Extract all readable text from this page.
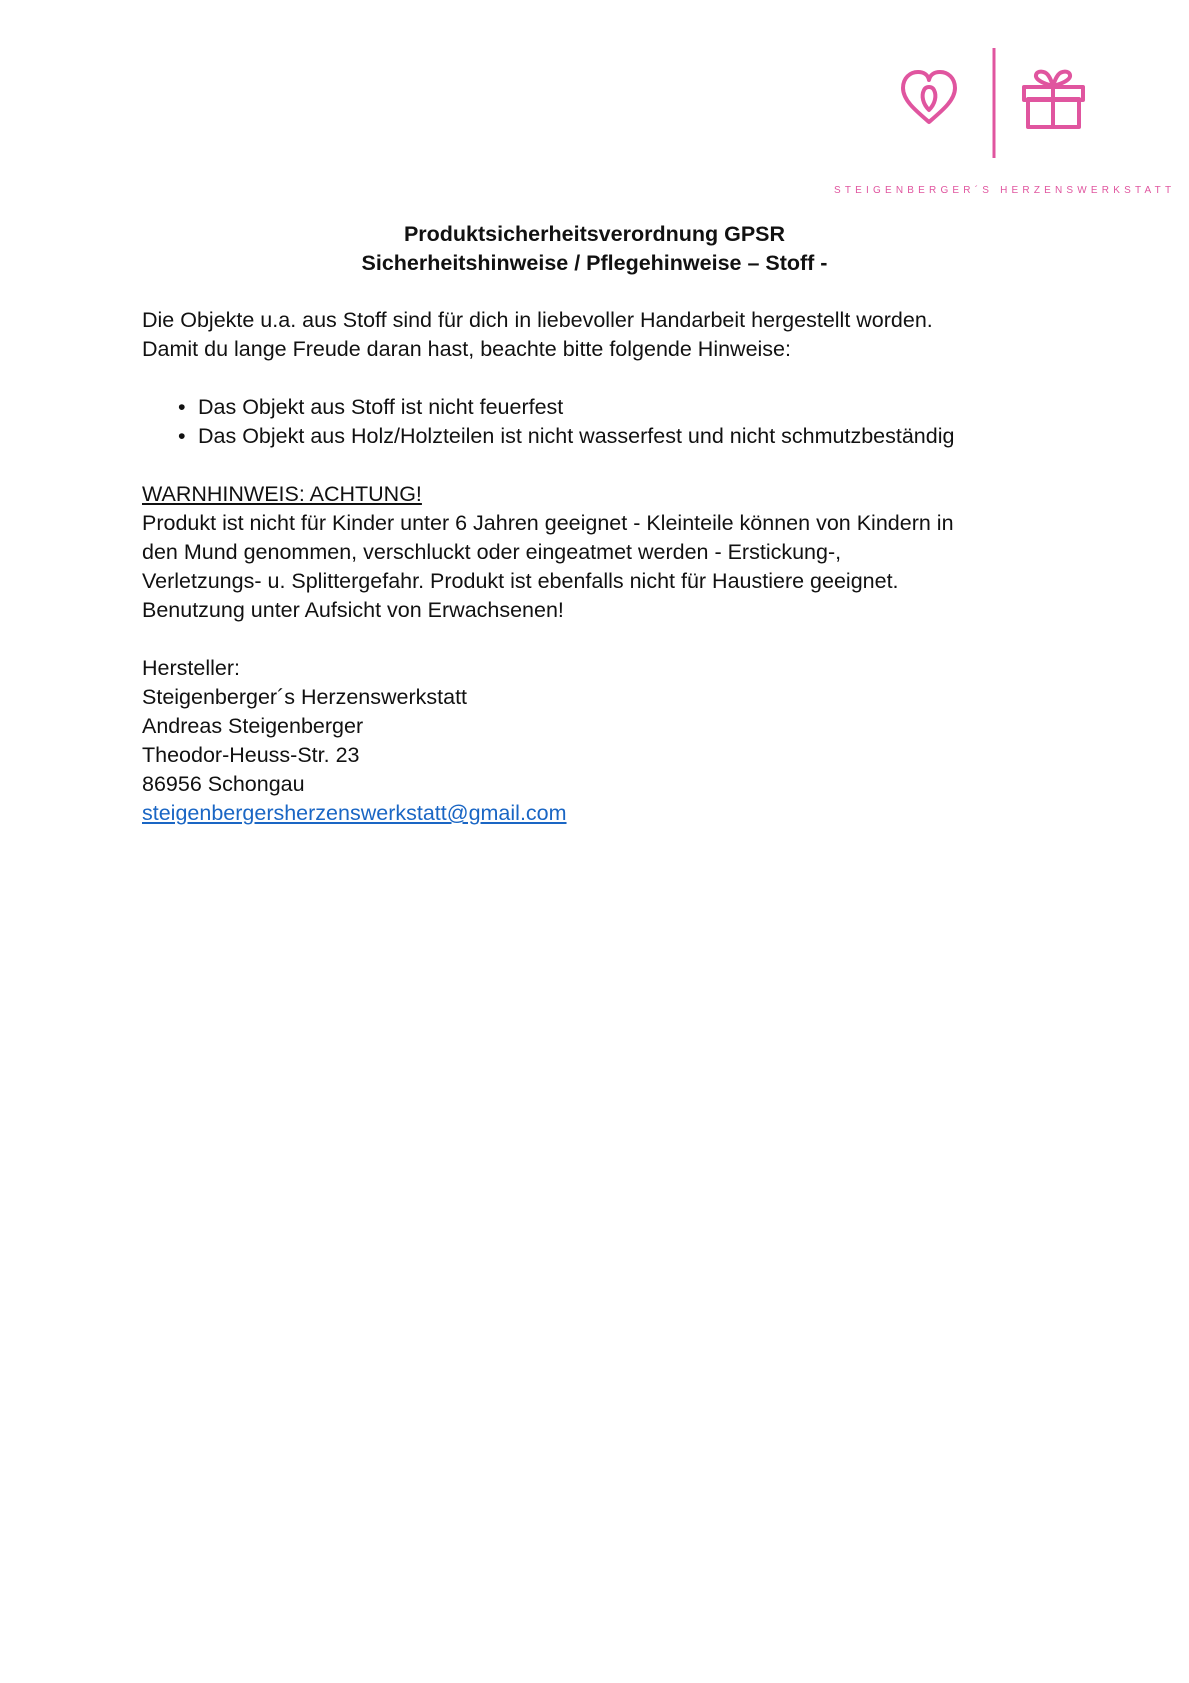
STEIGENBERGER´S HERZENSWERKSTATT
Produktsicherheitsverordnung GPSR
Sicherheitshinweise / Pflegehinweise – Stoff -

Die Objekte u.a. aus Stoff sind für dich in liebevoller Handarbeit hergestellt worden.

Damit du lange Freude daran hast, beachte bitte folgende Hinweise:

• Das Objekt aus Stoff ist nicht feuerfest
• Das Objekt aus Holz/Holzteilen ist nicht wasserfest und nicht schmutzbeständig

WARNHINWEIS: ACHTUNG!

Produkt ist nicht für Kinder unter 6 Jahren geeignet - Kleinteile können von Kindern in

den Mund genommen, verschluckt oder eingeatmet werden - Erstickung-,

Verletzungs- u. Splittergefahr. Produkt ist ebenfalls nicht für Haustiere geeignet.

Benutzung unter Aufsicht von Erwachsenen!

Hersteller:

Steigenberger´s Herzenswerkstatt

Andreas Steigenberger

Theodor-Heuss-Str. 23

86956 Schongau

steigenbergersherzenswerkstatt@gmail.com
